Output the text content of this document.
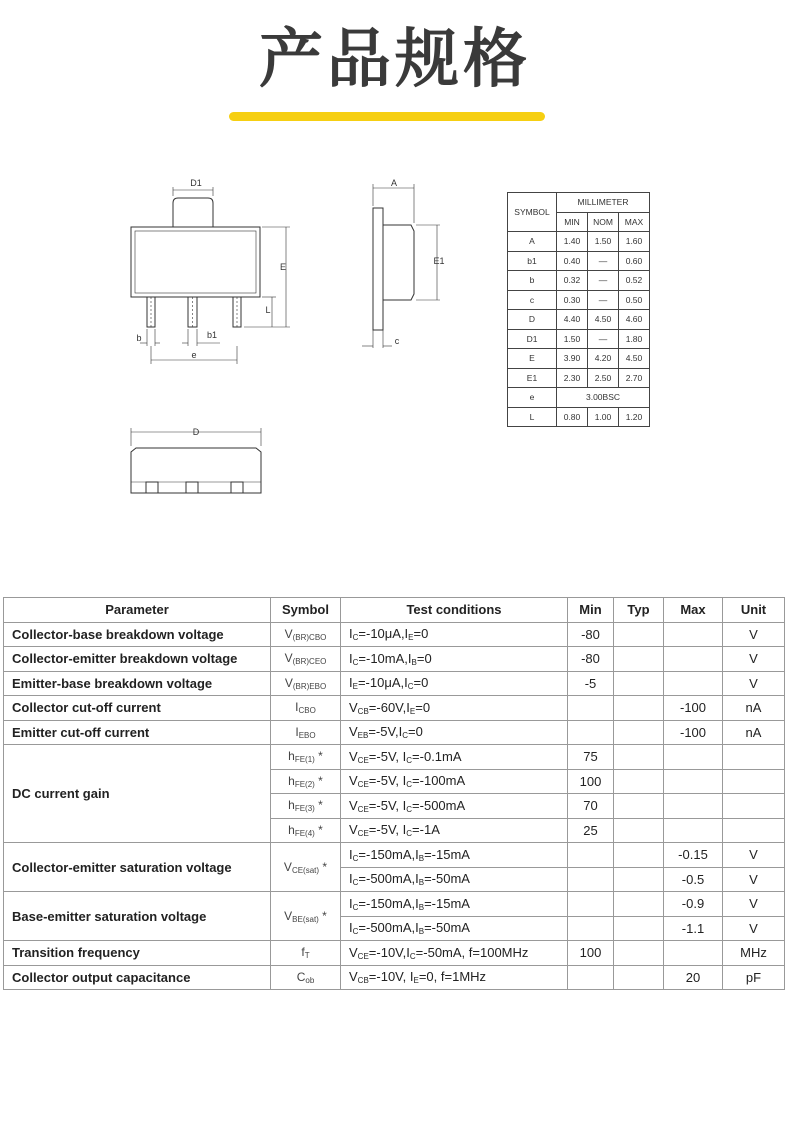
产品规格
D1
E
L
b	b1
e
A
E1
c
D
SYMBOL	MILLIMETER		
	MIN	NOM	MAX
A	1.40	1.50	1.60
b1	0.40	—	0.60
b	0.32	—	0.52
c	0.30	—	0.50
D	4.40	4.50	4.60
D1	1.50	—	1.80
E	3.90	4.20	4.50
E1	2.30	2.50	2.70
e	3.00BSC		
L	0.80	1.00	1.20
Parameter	Symbol	Test conditions	Min	Typ	Max	Unit
Collector-base breakdown voltage	$V_{(BR)CBO}$	$I_C=-10\mu A,I_E=0$	-80			V
Collector-emitter breakdown voltage	$V_{(BR)CEO}$	$I_C=-10mA,I_B=0$	-80			V
Emitter-base breakdown voltage	$V_{(BR)EBO}$	$I_E=-10\mu A,I_C=0$	-5			V
Collector cut-off current	$I_{CBO}$	$V_{CB}=-60V,I_E=0$			-100	nA
Emitter cut-off current	$I_{EBO}$	$V_{EB}=-5V,I_C=0$			-100	nA
DC current gain	$h_{FE(1)}$ *	$V_{CE}=-5V$, $I_C=-0.1mA$	75			
	$h_{FE(2)}$ *	$V_{CE}=-5V$, $I_C=-100mA$	100			
	$h_{FE(3)}$ *	$V_{CE}=-5V$, $I_C=-500mA$	70			
	$h_{FE(4)}$ *	$V_{CE}=-5V$, $I_C=-1A$	25			
Collector-emitter saturation voltage	$V_{CE(sat)}$ *	$I_C=-150mA,I_B=-15mA$			-0.15	V
		$I_C=-500mA,I_B=-50mA$			-0.5	V
Base-emitter saturation voltage	$V_{BE(sat)}$ *	$I_C=-150mA,I_B=-15mA$			-0.9	V
		$I_C=-500mA,I_B=-50mA$			-1.1	V
Transition frequency	$f_T$	$V_{CE}=-10V,I_C=-50mA$, f=100MHz	100			MHz
Collector output capacitance	$C_{ob}$	$V_{CB}=-10V$, $I_E=0$, f=1MHz			20	pF
